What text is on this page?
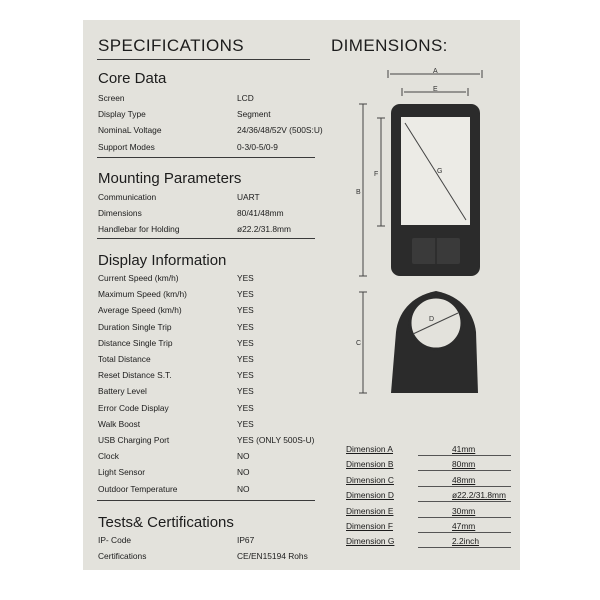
SPECIFICATIONS	DIMENSIONS:
Core Data
Screen	LCD
Display Type	Segment
NominaL Voltage	24/36/48/52V (500S:U)
Support Modes	0-3/0-5/0-9
Mounting Parameters
Communication	UART
Dimensions	80/41/48mm
Handlebar for Holding	ø22.2/31.8mm
Display Information
Current Speed (km/h)	YES
Maximum Speed (km/h)	YES
Average Speed (km/h)	YES
Duration Single Trip	YES
Distance Single Trip	YES
Total Distance	YES
Reset Distance S.T.	YES
Battery Level	YES
Error Code Display	YES
Walk Boost	YES
USB Charging Port	YES (ONLY 500S-U)
Clock	NO
Light Sensor	NO
Outdoor Temperature	NO
Tests& Certifications
IP- Code	IP67
Certifications	CE/EN15194 Rohs
A
E
B
F	G
C
D
Dimension A	41mm
Dimension B	80mm
Dimension C	48mm
Dimension D	ø22.2/31.8mm
Dimension E	30mm
Dimension F	47mm
Dimension G	2.2inch
